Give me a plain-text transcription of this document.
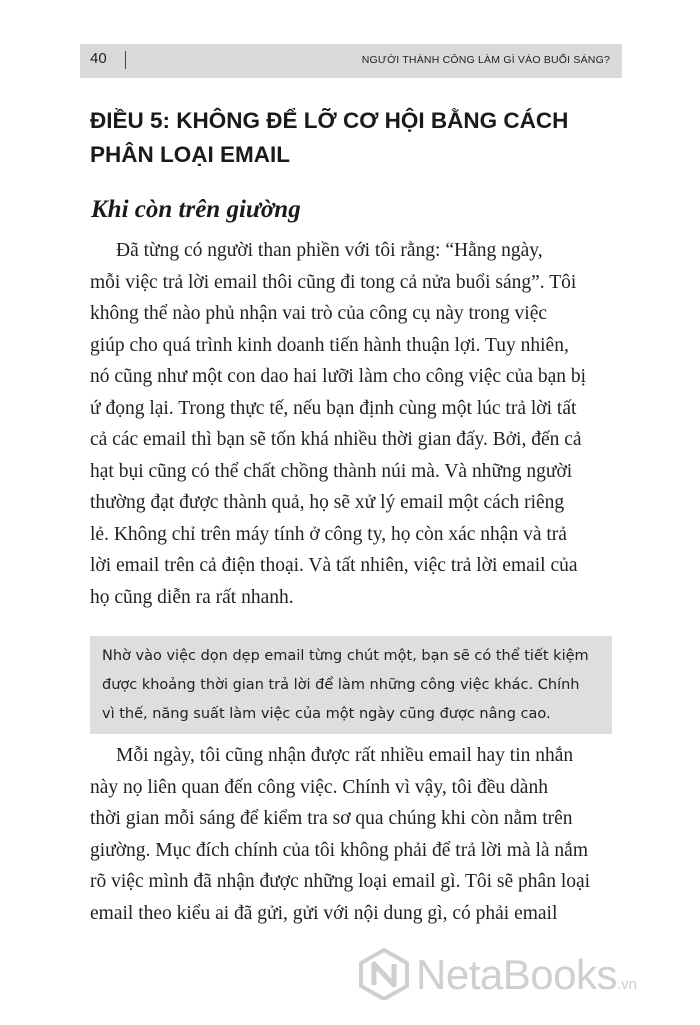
40	NGƯỜI THÀNH CÔNG LÀM GÌ VÀO BUỔI SÁNG?
ĐIỀU 5: KHÔNG ĐỂ LỠ CƠ HỘI BẰNG CÁCH
PHÂN LOẠI EMAIL
Khi còn trên giường
Đã từng có người than phiền với tôi rằng: “Hằng ngày,
mỗi việc trả lời email thôi cũng đi tong cả nửa buổi sáng”. Tôi
không thể nào phủ nhận vai trò của công cụ này trong việc
giúp cho quá trình kinh doanh tiến hành thuận lợi. Tuy nhiên,
nó cũng như một con dao hai lưỡi làm cho công việc của bạn bị
ứ đọng lại. Trong thực tế, nếu bạn định cùng một lúc trả lời tất
cả các email thì bạn sẽ tốn khá nhiều thời gian đấy. Bởi, đến cả
hạt bụi cũng có thể chất chồng thành núi mà. Và những người
thường đạt được thành quả, họ sẽ xử lý email một cách riêng
lẻ. Không chỉ trên máy tính ở công ty, họ còn xác nhận và trả
lời email trên cả điện thoại. Và tất nhiên, việc trả lời email của
họ cũng diễn ra rất nhanh.
Nhờ vào việc dọn dẹp email từng chút một, bạn sẽ có thể tiết kiệm
được khoảng thời gian trả lời để làm những công việc khác. Chính
vì thế, năng suất làm việc của một ngày cũng được nâng cao.
Mỗi ngày, tôi cũng nhận được rất nhiều email hay tin nhắn
này nọ liên quan đến công việc. Chính vì vậy, tôi đều dành
thời gian mỗi sáng để kiểm tra sơ qua chúng khi còn nằm trên
giường. Mục đích chính của tôi không phải để trả lời mà là nắm
rõ việc mình đã nhận được những loại email gì. Tôi sẽ phân loại
email theo kiểu ai đã gửi, gửi với nội dung gì, có phải email
NetaBooks.vn
